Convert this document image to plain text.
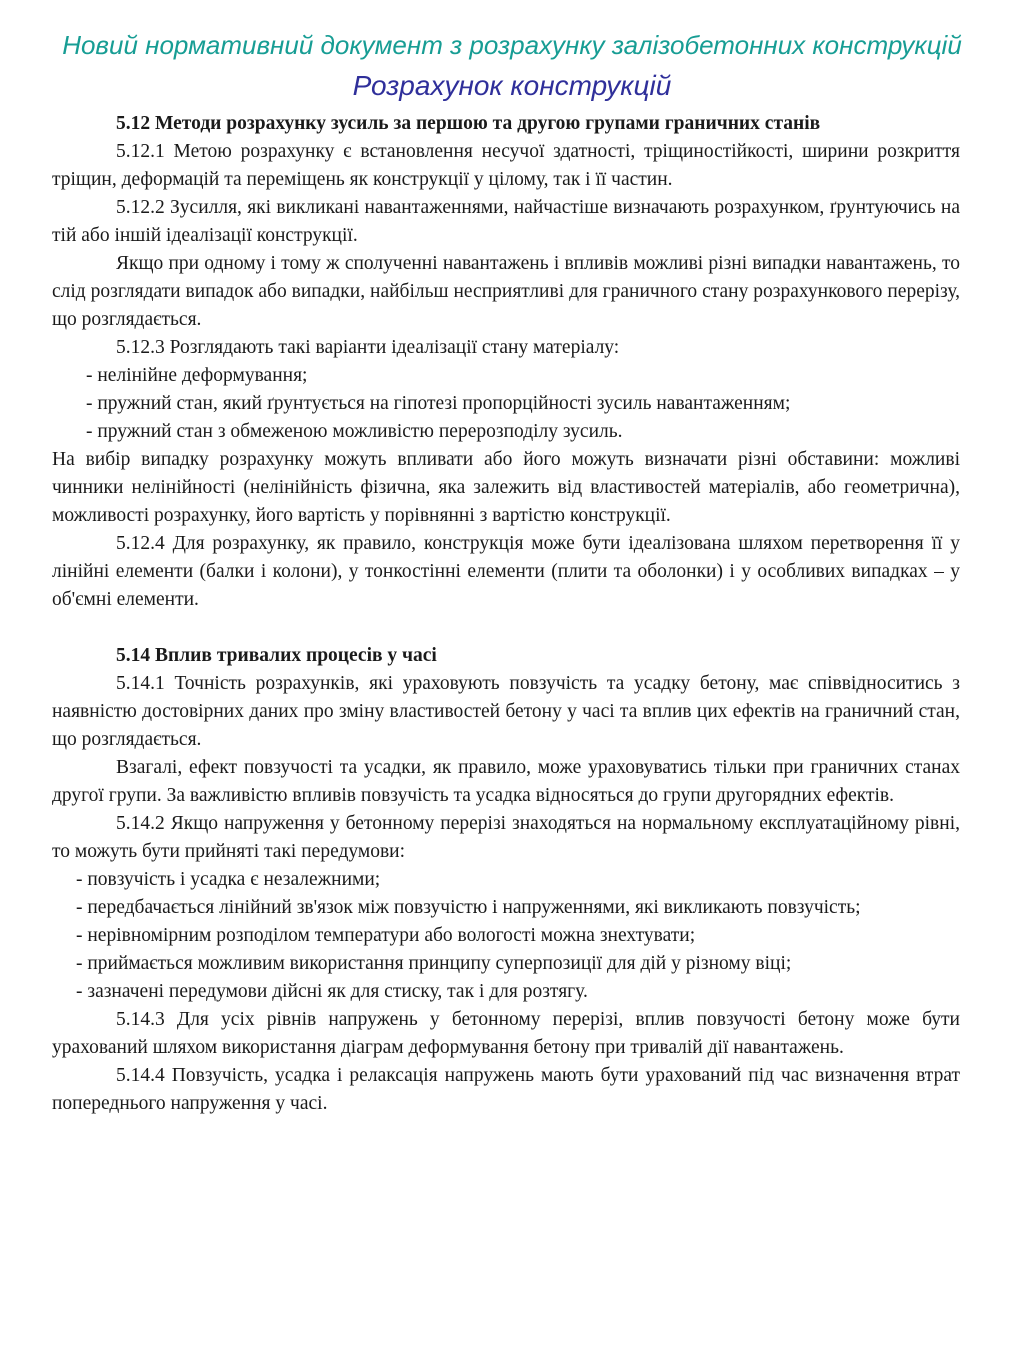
Новий нормативний документ з розрахунку залізобетонних конструкцій
Розрахунок конструкцій

5.12 Методи розрахунку зусиль за першою та другою групами граничних станів

5.12.1 Метою розрахунку є встановлення несучої здатності, тріщиностійкості, ширини розкриття тріщин, деформацій та переміщень як конструкції у цілому, так і її частин.

5.12.2 Зусилля, які викликані навантаженнями, найчастіше визначають розрахунком, ґрунтуючись на тій або іншій ідеалізації конструкції.

Якщо при одному і тому ж сполученні навантажень і впливів можливі різні випадки навантажень, то слід розглядати випадок або випадки, найбільш несприятливі для граничного стану розрахункового перерізу, що розглядається.

5.12.3 Розглядають такі варіанти ідеалізації стану матеріалу:

- нелінійне деформування;

- пружний стан, який ґрунтується на гіпотезі пропорційності зусиль навантаженням;

- пружний стан з обмеженою можливістю перерозподілу зусиль.

На вибір випадку розрахунку можуть впливати або його можуть визначати різні обставини: можливі чинники нелінійності (нелінійність фізична, яка залежить від властивостей матеріалів, або геометрична), можливості розрахунку, його вартість у порівнянні з вартістю конструкції.

5.12.4 Для розрахунку, як правило, конструкція може бути ідеалізована шляхом перетворення її у лінійні елементи (балки і колони), у тонкостінні елементи (плити та оболонки) і у особливих випадках – у об'ємні елементи.

5.14 Вплив тривалих процесів у часі

5.14.1 Точність розрахунків, які ураховують повзучість та усадку бетону, має співвідноситись з наявністю достовірних даних про зміну властивостей бетону у часі та вплив цих ефектів на граничний стан, що розглядається.

Взагалі, ефект повзучості та усадки, як правило, може ураховуватись тільки при граничних станах другої групи. За важливістю впливів повзучість та усадка відносяться до групи другорядних ефектів.

5.14.2 Якщо напруження у бетонному перерізі знаходяться на нормальному експлуатаційному рівні, то можуть бути прийняті такі передумови:

- повзучість і усадка є незалежними;

- передбачається лінійний зв'язок між повзучістю і напруженнями, які викликають повзучість;

- нерівномірним розподілом температури або вологості можна знехтувати;

- приймається можливим використання принципу суперпозиції для дій у різному віці;

- зазначені передумови дійсні як для стиску, так і для розтягу.

5.14.3 Для усіх рівнів напружень у бетонному перерізі, вплив повзучості бетону може бути урахований шляхом використання діаграм деформування бетону при тривалій дії навантажень.

5.14.4 Повзучість, усадка і релаксація напружень мають бути урахований під час визначення втрат попереднього напруження у часі.
